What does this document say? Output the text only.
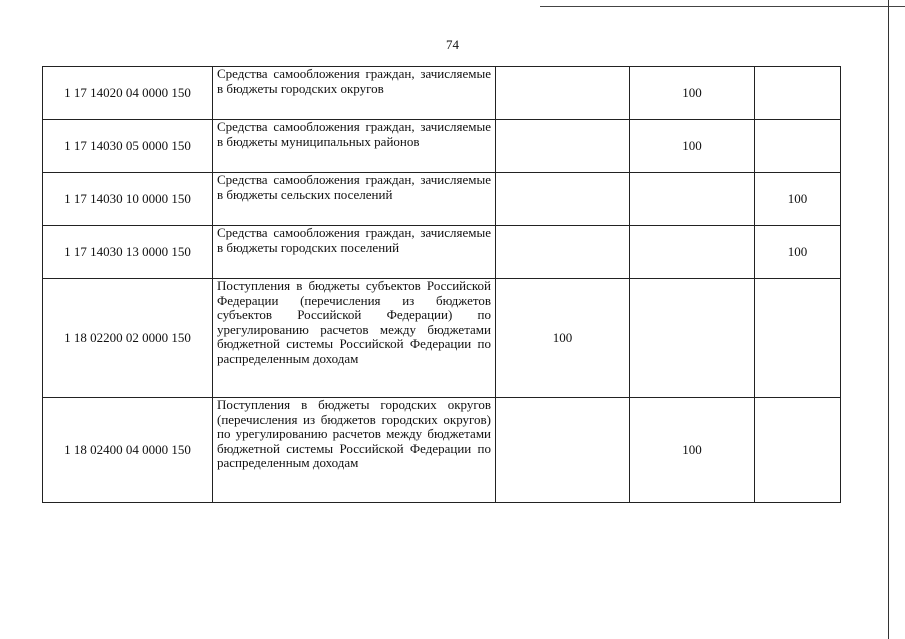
74
1 17 14020 04 0000 150	Средства самообложения граждан, зачисляемые в бюджеты городских округов		100	
1 17 14030 05 0000 150	Средства самообложения граждан, зачисляемые в бюджеты муниципальных районов		100	
1 17 14030 10 0000 150	Средства самообложения граждан, зачисляемые в бюджеты сельских поселений			100
1 17 14030 13 0000 150	Средства самообложения граждан, зачисляемые в бюджеты городских поселений			100
1 18 02200 02 0000 150	Поступления в бюджеты субъектов Российской Федерации (перечисления из бюджетов субъектов Российской Федерации) по урегулированию расчетов между бюджетами бюджетной системы Российской Федерации по распределенным доходам	100		
1 18 02400 04 0000 150	Поступления в бюджеты городских округов (перечисления из бюджетов городских округов) по урегулированию расчетов между бюджетами бюджетной системы Российской Федерации по распределенным доходам		100	
